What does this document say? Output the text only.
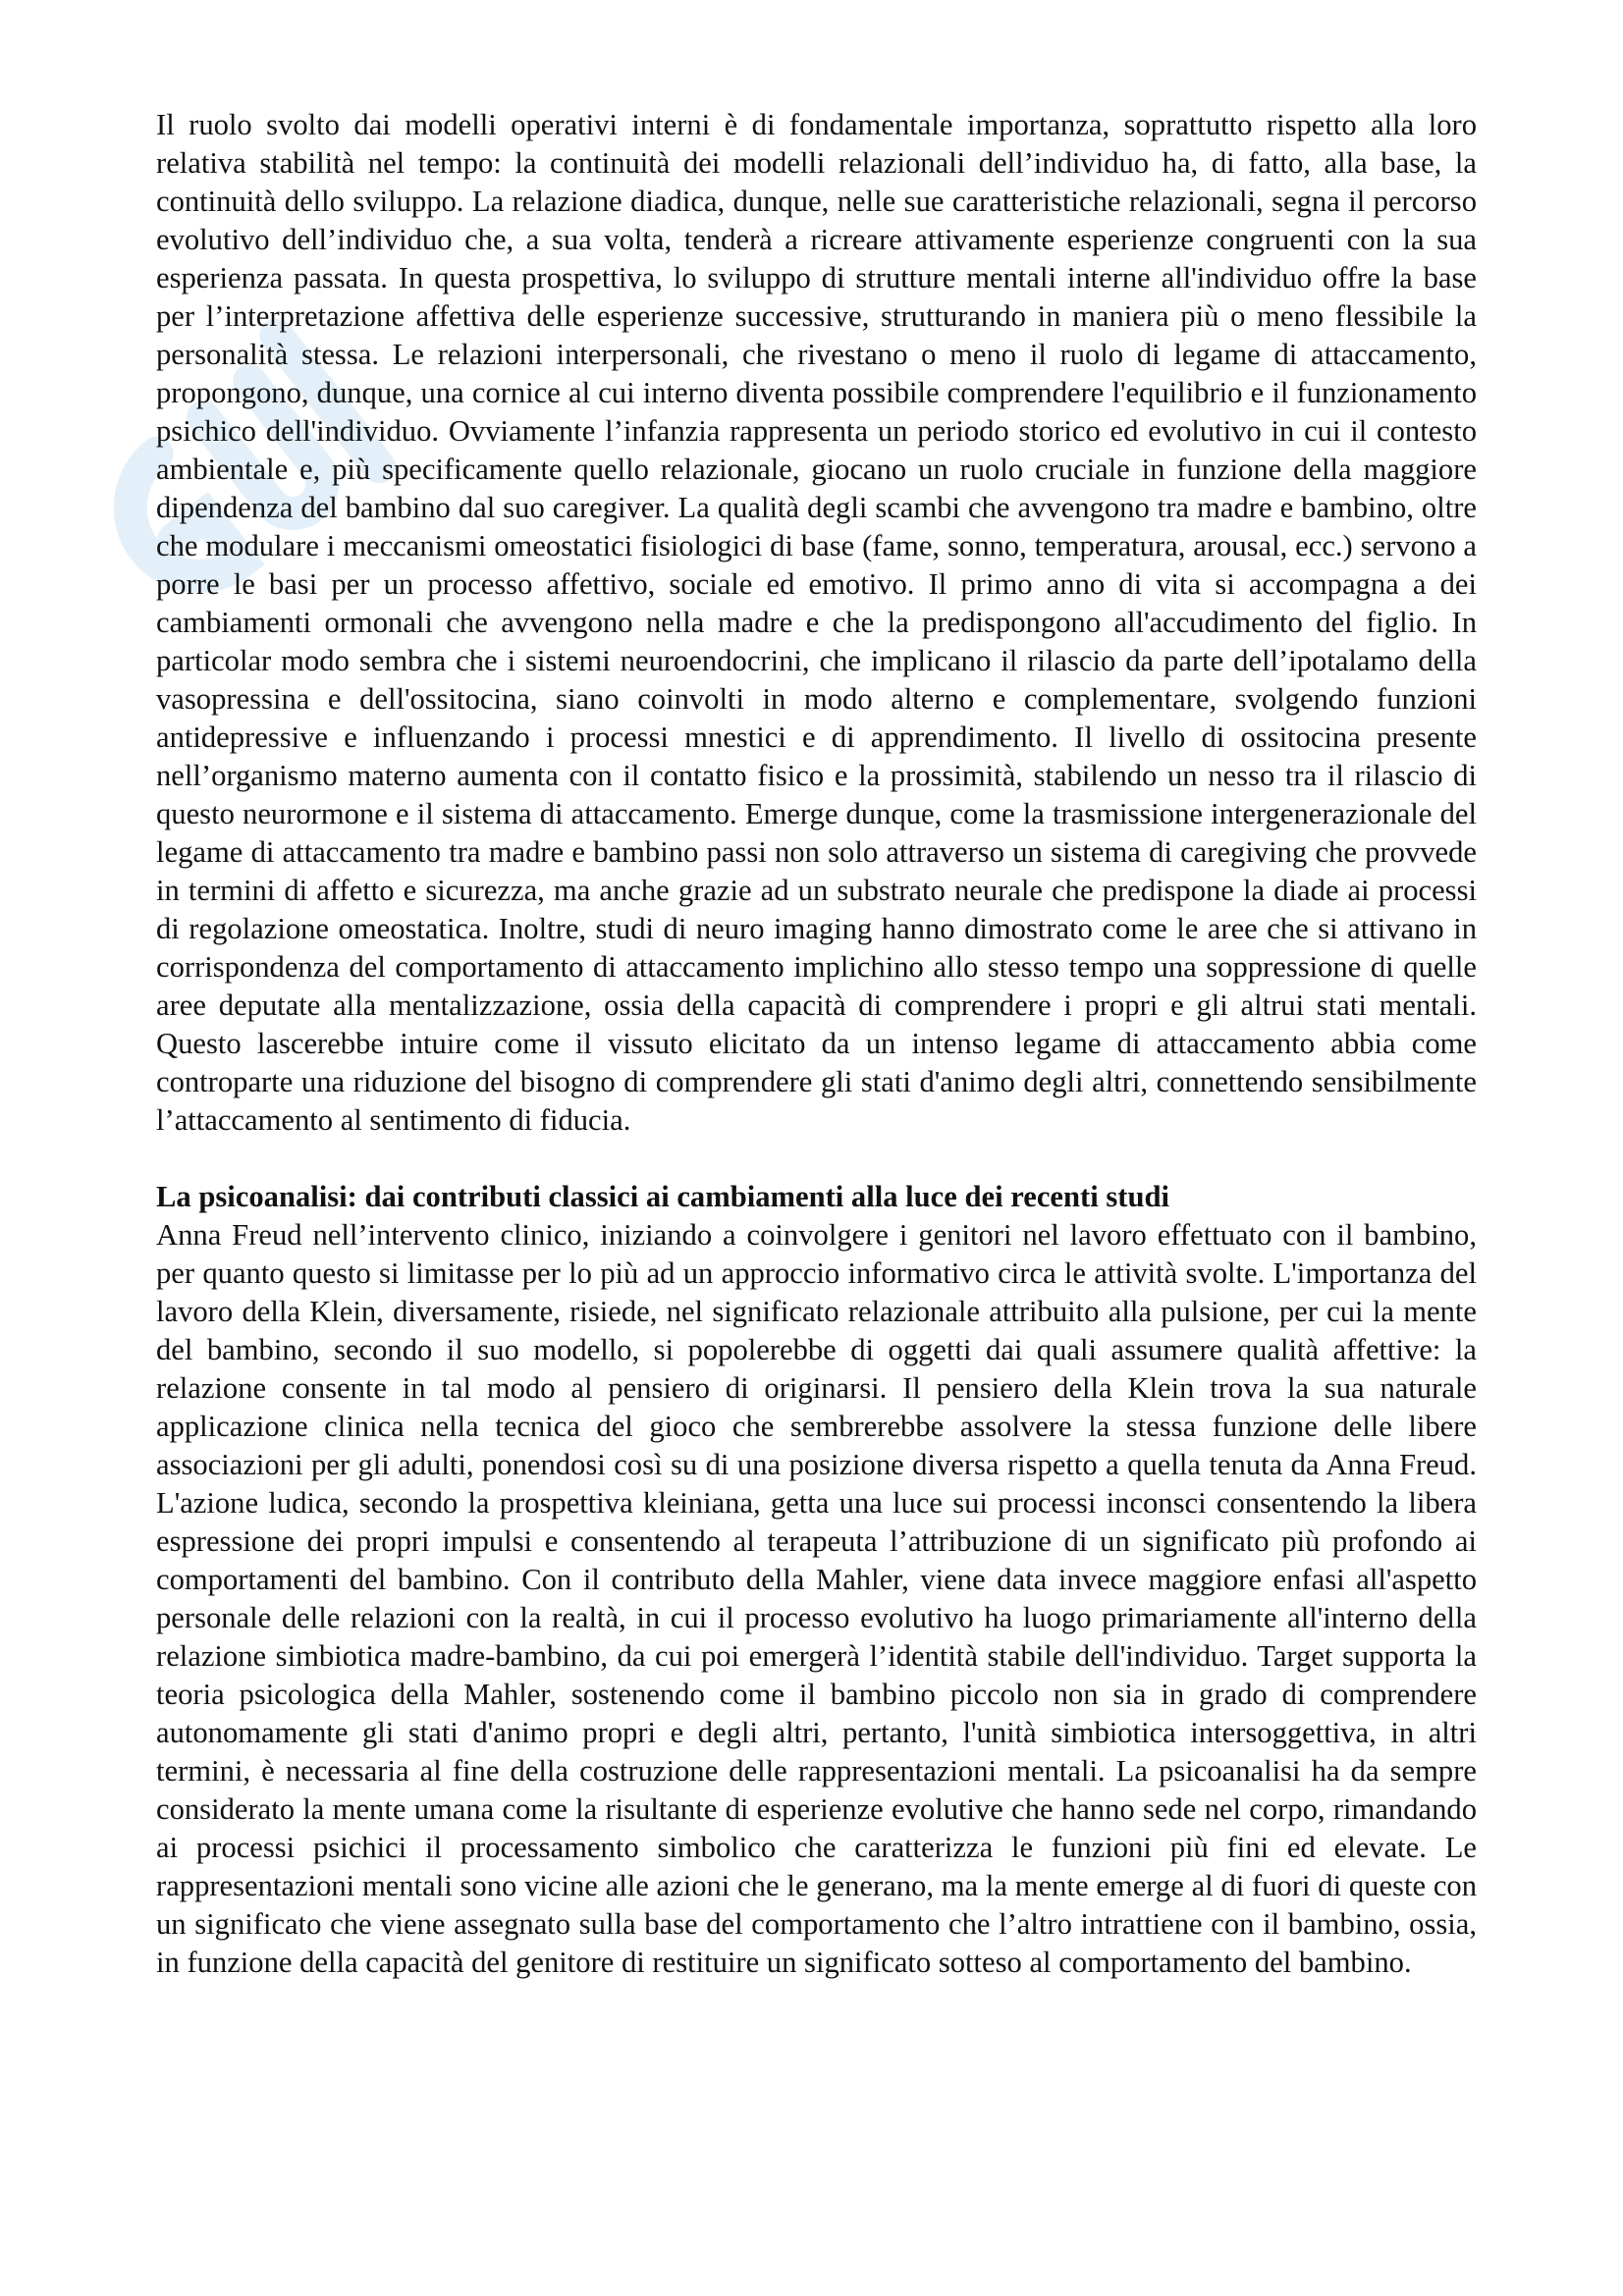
Il ruolo svolto dai modelli operativi interni è di fondamentale importanza, soprattutto rispetto alla loro relativa stabilità nel tempo: la continuità dei modelli relazionali dell’individuo ha, di fatto, alla base, la continuità dello sviluppo. La relazione diadica, dunque, nelle sue caratteristiche relazionali, segna il percorso evolutivo dell’individuo che, a sua volta, tenderà a ricreare attivamente esperienze congruenti con la sua esperienza passata. In questa prospettiva, lo sviluppo di strutture mentali interne all'individuo offre la base per l’interpretazione affettiva delle esperienze successive, strutturando in maniera più o meno flessibile la personalità stessa. Le relazioni interpersonali, che rivestano o meno il ruolo di legame di attaccamento, propongono, dunque, una cornice al cui interno diventa possibile comprendere l'equilibrio e il funzionamento psichico dell'individuo. Ovviamente l’infanzia rappresenta un periodo storico ed evolutivo in cui il contesto ambientale e, più specificamente quello relazionale, giocano un ruolo cruciale in funzione della maggiore dipendenza del bambino dal suo caregiver. La qualità degli scambi che avvengono tra madre e bambino, oltre che modulare i meccanismi omeostatici fisiologici di base (fame, sonno, temperatura, arousal, ecc.) servono a porre le basi per un processo affettivo, sociale ed emotivo. Il primo anno di vita si accompagna a dei cambiamenti ormonali che avvengono nella madre e che la predispongono all'accudimento del figlio. In particolar modo sembra che i sistemi neuroendocrini, che implicano il rilascio da parte dell’ipotalamo della vasopressina e dell'ossitocina, siano coinvolti in modo alterno e complementare, svolgendo funzioni antidepressive e influenzando i processi mnestici e di apprendimento. Il livello di ossitocina presente nell’organismo materno aumenta con il contatto fisico e la prossimità, stabilendo un nesso tra il rilascio di questo neurormone e il sistema di attaccamento. Emerge dunque, come la trasmissione intergenerazionale del legame di attaccamento tra madre e bambino passi non solo attraverso un sistema di caregiving che provvede in termini di affetto e sicurezza, ma anche grazie ad un substrato neurale che predispone la diade ai processi di regolazione omeostatica. Inoltre, studi di neuro imaging hanno dimostrato come le aree che si attivano in corrispondenza del comportamento di attaccamento implichino allo stesso tempo una soppressione di quelle aree deputate alla mentalizzazione, ossia della capacità di comprendere i propri e gli altrui stati mentali. Questo lascerebbe intuire come il vissuto elicitato da un intenso legame di attaccamento abbia come controparte una riduzione del bisogno di comprendere gli stati d'animo degli altri, connettendo sensibilmente l’attaccamento al sentimento di fiducia.

La psicoanalisi: dai contributi classici ai cambiamenti alla luce dei recenti studi

Anna Freud nell’intervento clinico, iniziando a coinvolgere i genitori nel lavoro effettuato con il bambino, per quanto questo si limitasse per lo più ad un approccio informativo circa le attività svolte. L'importanza del lavoro della Klein, diversamente, risiede, nel significato relazionale attribuito alla pulsione, per cui la mente del bambino, secondo il suo modello, si popolerebbe di oggetti dai quali assumere qualità affettive: la relazione consente in tal modo al pensiero di originarsi. Il pensiero della Klein trova la sua naturale applicazione clinica nella tecnica del gioco che sembrerebbe assolvere la stessa funzione delle libere associazioni per gli adulti, ponendosi così su di una posizione diversa rispetto a quella tenuta da Anna Freud. L'azione ludica, secondo la prospettiva kleiniana, getta una luce sui processi inconsci consentendo la libera espressione dei propri impulsi e consentendo al terapeuta l’attribuzione di un significato più profondo ai comportamenti del bambino. Con il contributo della Mahler, viene data invece maggiore enfasi all'aspetto personale delle relazioni con la realtà, in cui il processo evolutivo ha luogo primariamente all'interno della relazione simbiotica madre-bambino, da cui poi emergerà l’identità stabile dell'individuo. Target supporta la teoria psicologica della Mahler, sostenendo come il bambino piccolo non sia in grado di comprendere autonomamente gli stati d'animo propri e degli altri, pertanto, l'unità simbiotica intersoggettiva, in altri termini, è necessaria al fine della costruzione delle rappresentazioni mentali. La psicoanalisi ha da sempre considerato la mente umana come la risultante di esperienze evolutive che hanno sede nel corpo, rimandando ai processi psichici il processamento simbolico che caratterizza le funzioni più fini ed elevate. Le rappresentazioni mentali sono vicine alle azioni che le generano, ma la mente emerge al di fuori di queste con un significato che viene assegnato sulla base del comportamento che l’altro intrattiene con il bambino, ossia, in funzione della capacità del genitore di restituire un significato sotteso al comportamento del bambino.
